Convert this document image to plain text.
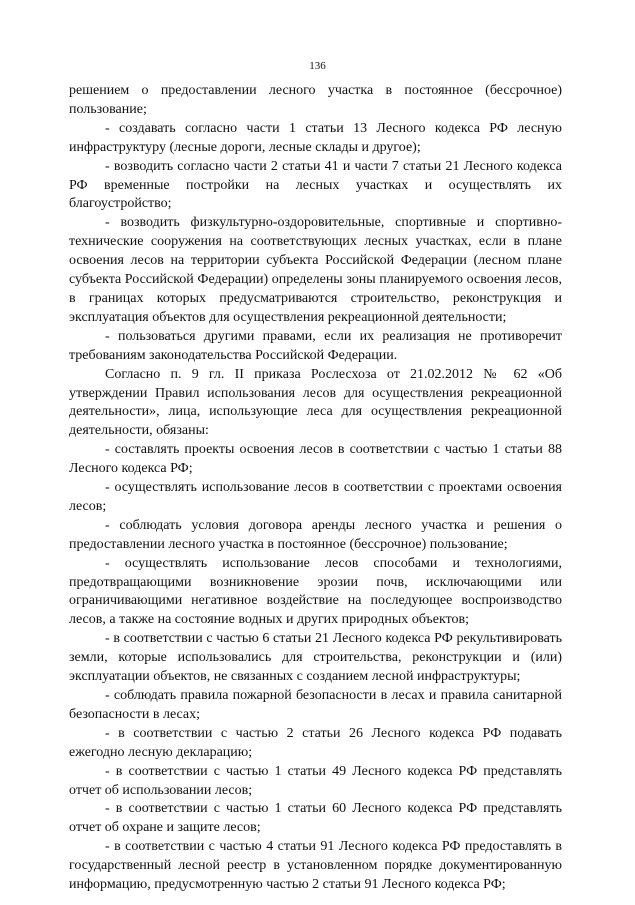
136

решением о предоставлении лесного участка в постоянное (бессрочное) пользование;

- создавать согласно части 1 статьи 13 Лесного кодекса РФ лесную инфраструктуру (лесные дороги, лесные склады и другое);

- возводить согласно части 2 статьи 41 и части 7 статьи 21 Лесного кодекса РФ временные постройки на лесных участках и осуществлять их благоустройство;

- возводить физкультурно-оздоровительные, спортивные и спортивно-технические сооружения на соответствующих лесных участках, если в плане освоения лесов на территории субъекта Российской Федерации (лесном плане субъекта Российской Федерации) определены зоны планируемого освоения лесов, в границах которых предусматриваются строительство, реконструкция и эксплуатация объектов для осуществления рекреационной деятельности;

- пользоваться другими правами, если их реализация не противоречит требованиям законодательства Российской Федерации.

Согласно п. 9 гл. II приказа Рослесхоза от 21.02.2012 № 62 «Об утверждении Правил использования лесов для осуществления рекреационной деятельности», лица, использующие леса для осуществления рекреационной деятельности, обязаны:

- составлять проекты освоения лесов в соответствии с частью 1 статьи 88 Лесного кодекса РФ;

- осуществлять использование лесов в соответствии с проектами освоения лесов;

- соблюдать условия договора аренды лесного участка и решения о предоставлении лесного участка в постоянное (бессрочное) пользование;

- осуществлять использование лесов способами и технологиями, предотвращающими возникновение эрозии почв, исключающими или ограничивающими негативное воздействие на последующее воспроизводство лесов, а также на состояние водных и других природных объектов;

- в соответствии с частью 6 статьи 21 Лесного кодекса РФ рекультивировать земли, которые использовались для строительства, реконструкции и (или) эксплуатации объектов, не связанных с созданием лесной инфраструктуры;

- соблюдать правила пожарной безопасности в лесах и правила санитарной безопасности в лесах;

- в соответствии с частью 2 статьи 26 Лесного кодекса РФ подавать ежегодно лесную декларацию;

- в соответствии с частью 1 статьи 49 Лесного кодекса РФ представлять отчет об использовании лесов;

- в соответствии с частью 1 статьи 60 Лесного кодекса РФ представлять отчет об охране и защите лесов;

- в соответствии с частью 4 статьи 91 Лесного кодекса РФ предоставлять в государственный лесной реестр в установленном порядке документированную информацию, предусмотренную частью 2 статьи 91 Лесного кодекса РФ;
